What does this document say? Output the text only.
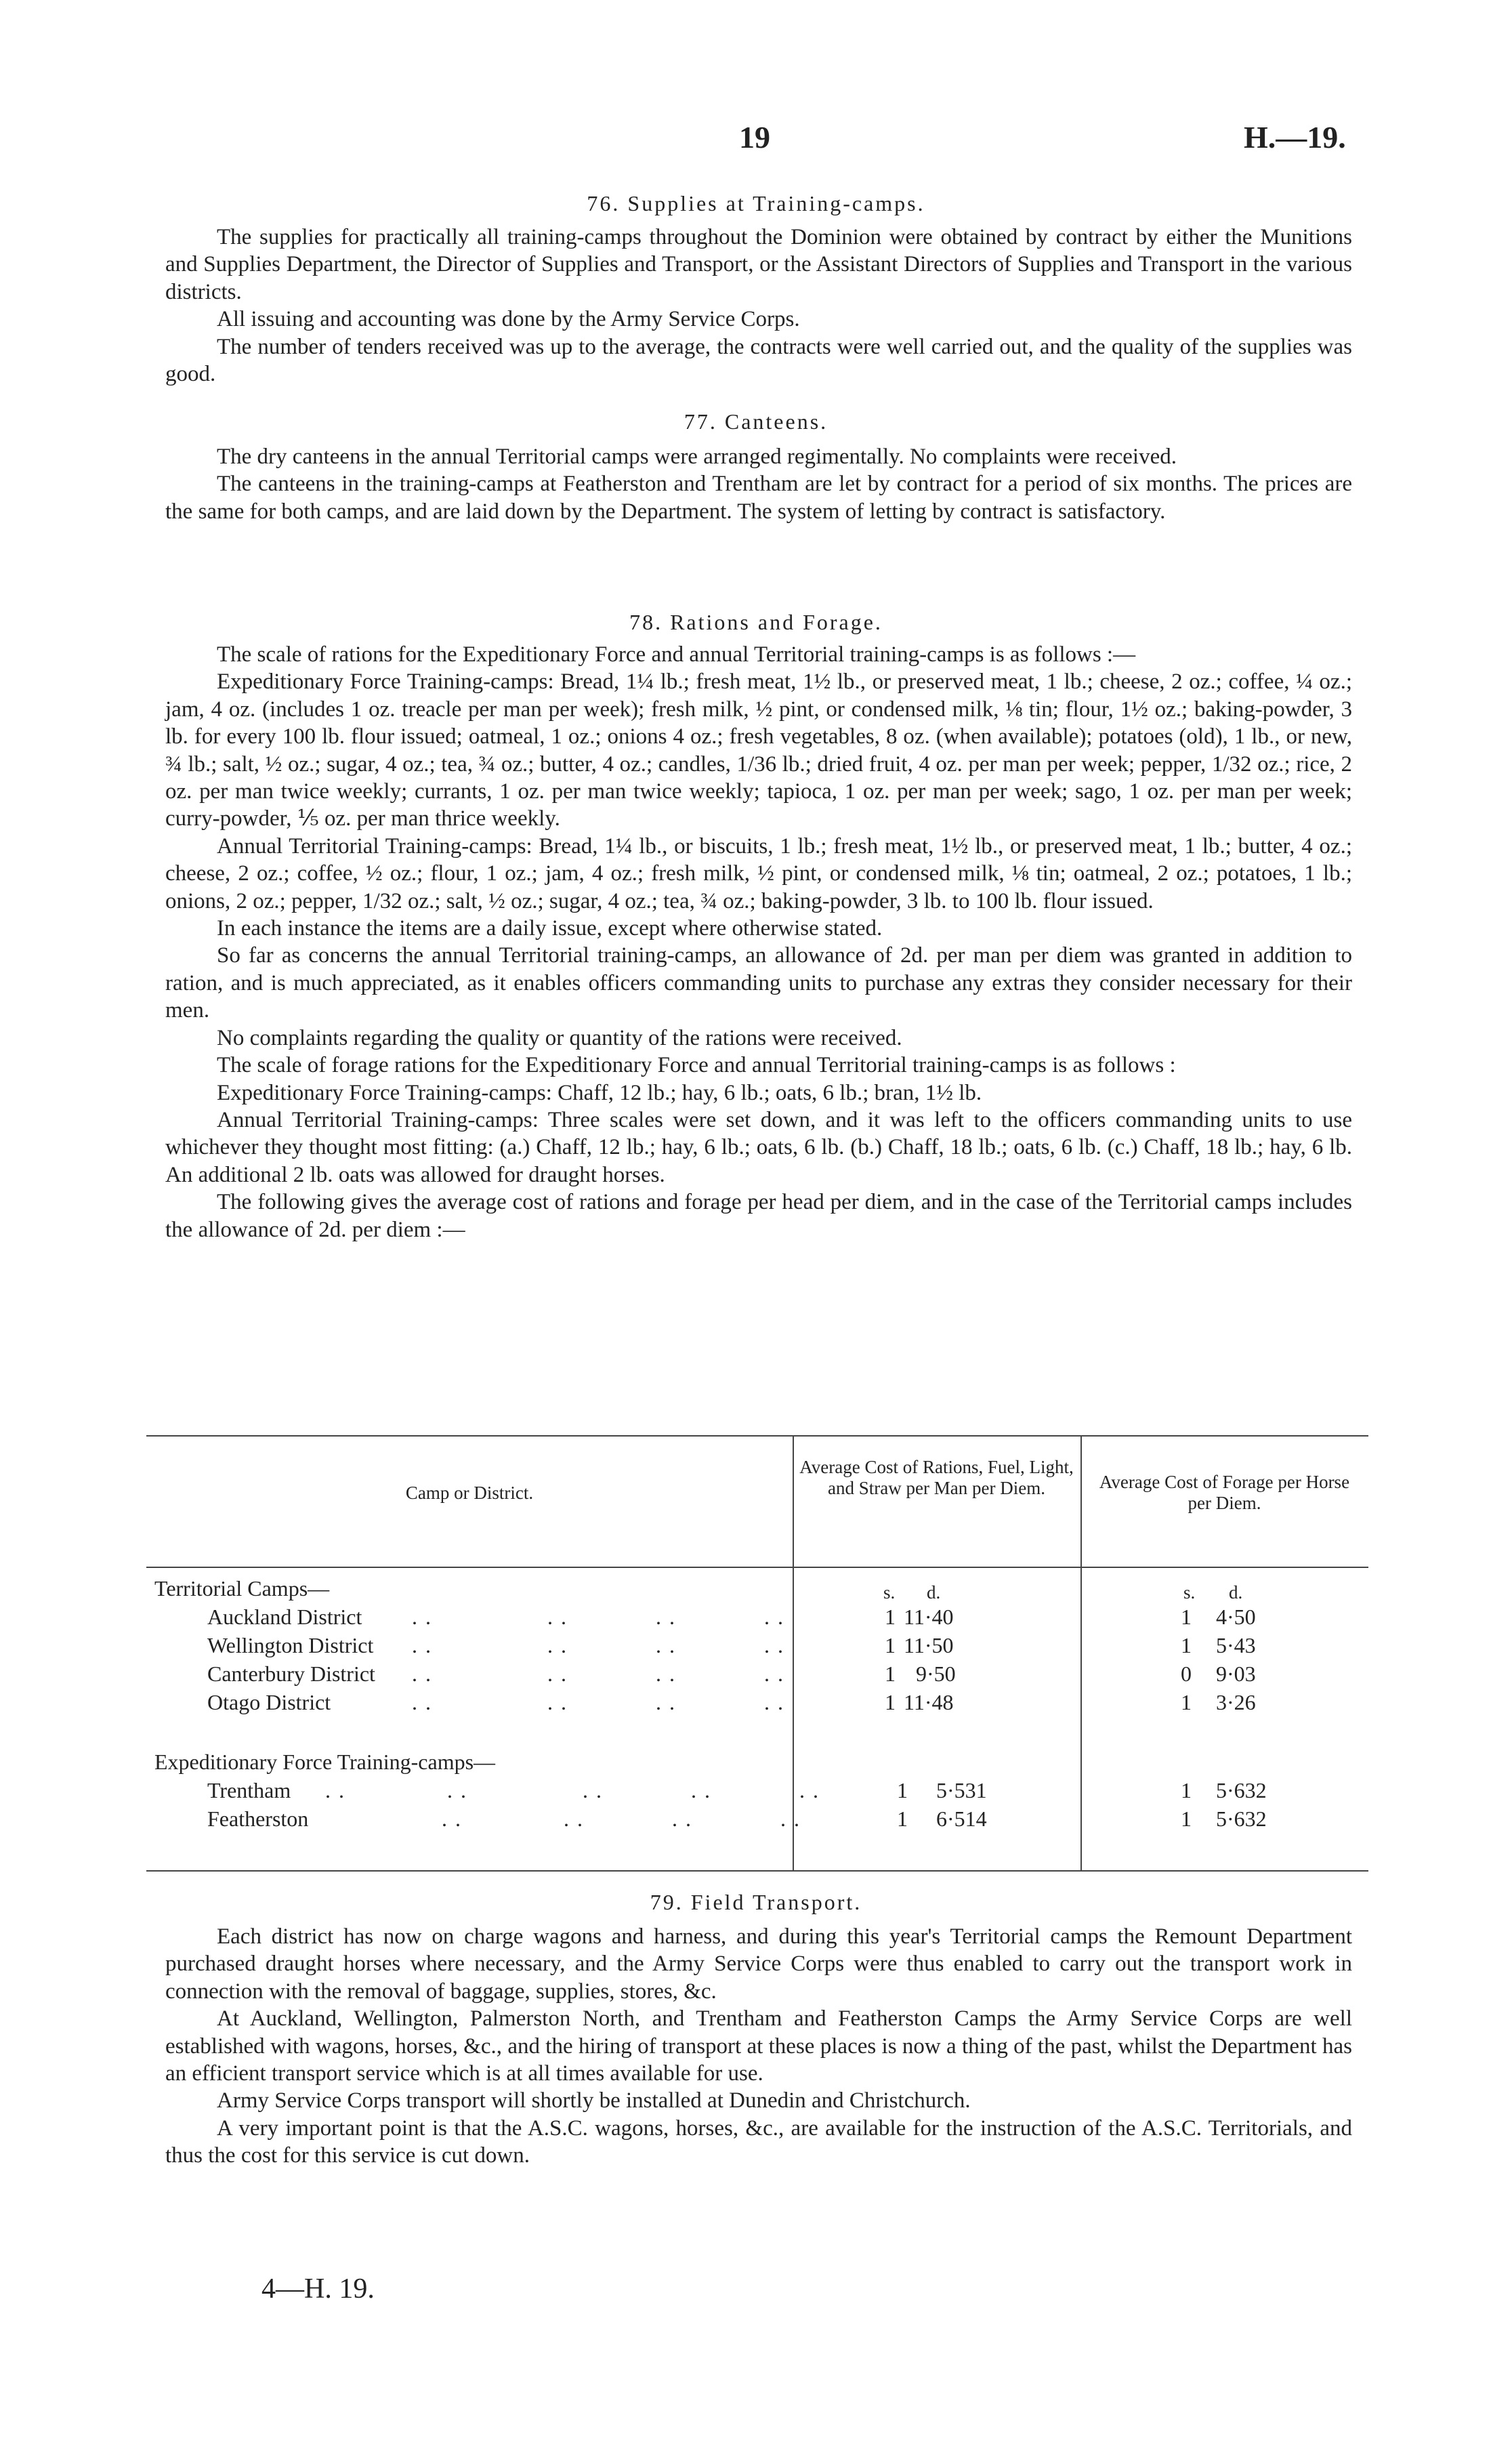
19	H.—19.
76. Supplies at Training-camps.

The supplies for practically all training-camps throughout the Dominion were obtained by contract by either the Munitions and Supplies Department, the Director of Supplies and Transport, or the Assistant Directors of Supplies and Transport in the various districts.

All issuing and accounting was done by the Army Service Corps.

The number of tenders received was up to the average, the contracts were well carried out, and the quality of the supplies was good.

77. Canteens.

The dry canteens in the annual Territorial camps were arranged regimentally. No complaints were received.

The canteens in the training-camps at Featherston and Trentham are let by contract for a period of six months. The prices are the same for both camps, and are laid down by the Department. The system of letting by contract is satisfactory.

78. Rations and Forage.

The scale of rations for the Expeditionary Force and annual Territorial training-camps is as follows :—

Expeditionary Force Training-camps: Bread, 1¼ lb.; fresh meat, 1½ lb., or preserved meat, 1 lb.; cheese, 2 oz.; coffee, ¼ oz.; jam, 4 oz. (includes 1 oz. treacle per man per week); fresh milk, ½ pint, or condensed milk, ⅛ tin; flour, 1½ oz.; baking-powder, 3 lb. for every 100 lb. flour issued; oatmeal, 1 oz.; onions 4 oz.; fresh vegetables, 8 oz. (when available); potatoes (old), 1 lb., or new, ¾ lb.; salt, ½ oz.; sugar, 4 oz.; tea, ¾ oz.; butter, 4 oz.; candles, 1/36 lb.; dried fruit, 4 oz. per man per week; pepper, 1/32 oz.; rice, 2 oz. per man twice weekly; currants, 1 oz. per man twice weekly; tapioca, 1 oz. per man per week; sago, 1 oz. per man per week; curry-powder, ⅕ oz. per man thrice weekly.

Annual Territorial Training-camps: Bread, 1¼ lb., or biscuits, 1 lb.; fresh meat, 1½ lb., or preserved meat, 1 lb.; butter, 4 oz.; cheese, 2 oz.; coffee, ½ oz.; flour, 1 oz.; jam, 4 oz.; fresh milk, ½ pint, or condensed milk, ⅛ tin; oatmeal, 2 oz.; potatoes, 1 lb.; onions, 2 oz.; pepper, 1/32 oz.; salt, ½ oz.; sugar, 4 oz.; tea, ¾ oz.; baking-powder, 3 lb. to 100 lb. flour issued.

In each instance the items are a daily issue, except where otherwise stated.

So far as concerns the annual Territorial training-camps, an allowance of 2d. per man per diem was granted in addition to ration, and is much appreciated, as it enables officers commanding units to purchase any extras they consider necessary for their men.

No complaints regarding the quality or quantity of the rations were received.

The scale of forage rations for the Expeditionary Force and annual Territorial training-camps is as follows :

Expeditionary Force Training-camps: Chaff, 12 lb.; hay, 6 lb.; oats, 6 lb.; bran, 1½ lb.

Annual Territorial Training-camps: Three scales were set down, and it was left to the officers commanding units to use whichever they thought most fitting: (a.) Chaff, 12 lb.; hay, 6 lb.; oats, 6 lb. (b.) Chaff, 18 lb.; oats, 6 lb. (c.) Chaff, 18 lb.; hay, 6 lb. An additional 2 lb. oats was allowed for draught horses.

The following gives the average cost of rations and forage per head per diem, and in the case of the Territorial camps includes the allowance of 2d. per diem :—

Camp or District.
Average Cost of Rations, Fuel, Light, and Straw per Man per Diem.	Average Cost of Forage per Horse per Diem.
s. d.	s. d.
Territorial Camps—
Auckland District ..        ..      ..      ..	1 11·40	1 4·50
Wellington District ..        ..      ..      ..	1 11·50	1 5·43
Canterbury District ..        ..      ..      ..	1 9·50	0 9·03
Otago District	..        ..      ..      ..	1 11·48	1 3·26
Expeditionary Force Training-camps—
Trentham ..       ..        ..      ..      ..	1 5·531	1 5·632
Featherston	..       ..      ..      ..	1 6·514	1 5·632
79. Field Transport.

Each district has now on charge wagons and harness, and during this year's Territorial camps the Remount Department purchased draught horses where necessary, and the Army Service Corps were thus enabled to carry out the transport work in connection with the removal of baggage, supplies, stores, &c.

At Auckland, Wellington, Palmerston North, and Trentham and Featherston Camps the Army Service Corps are well established with wagons, horses, &c., and the hiring of transport at these places is now a thing of the past, whilst the Department has an efficient transport service which is at all times available for use.

Army Service Corps transport will shortly be installed at Dunedin and Christchurch.

A very important point is that the A.S.C. wagons, horses, &c., are available for the instruction of the A.S.C. Territorials, and thus the cost for this service is cut down.

4—H. 19.
